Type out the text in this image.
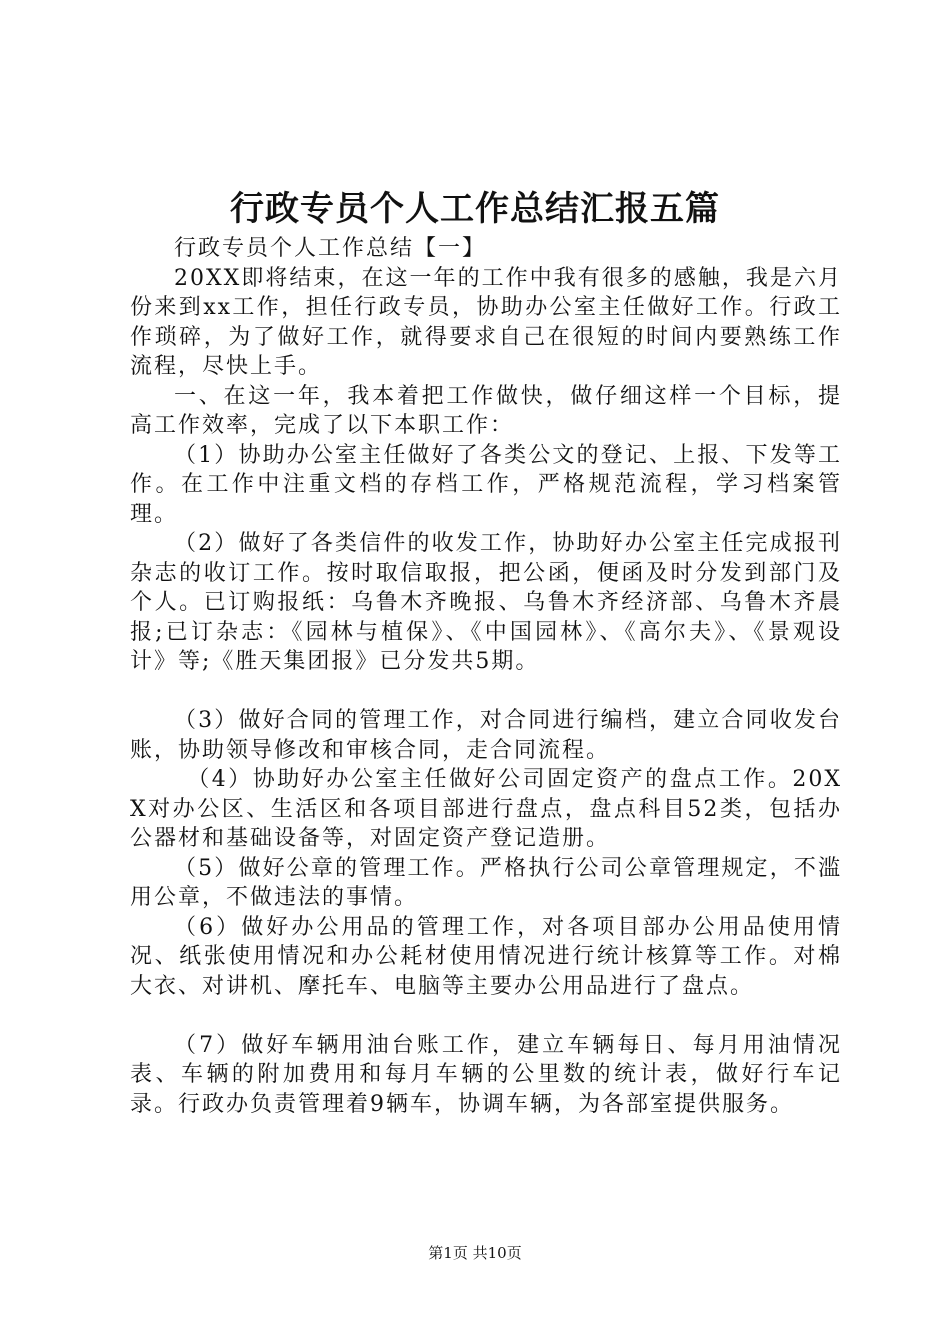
行政专员个人工作总结汇报五篇

行政专员个人工作总结【一】

20XX即将结束，在这一年的工作中我有很多的感触，我是六月份来到xx工作，担任行政专员，协助办公室主任做好工作。行政工作琐碎，为了做好工作，就得要求自己在很短的时间内要熟练工作流程，尽快上手。

一、在这一年，我本着把工作做快，做仔细这样一个目标，提高工作效率，完成了以下本职工作：

（1）协助办公室主任做好了各类公文的登记、上报、下发等工作。在工作中注重文档的存档工作，严格规范流程，学习档案管理。

（2）做好了各类信件的收发工作，协助好办公室主任完成报刊杂志的收订工作。按时取信取报，把公函，便函及时分发到部门及个人。已订购报纸：乌鲁木齐晚报、乌鲁木齐经济部、乌鲁木齐晨报;已订杂志：《园林与植保》、《中国园林》、《高尔夫》、《景观设计》等;《胜天集团报》已分发共5期。

（3）做好合同的管理工作，对合同进行编档，建立合同收发台账，协助领导修改和审核合同，走合同流程。

（4）协助好办公室主任做好公司固定资产的盘点工作。20XX对办公区、生活区和各项目部进行盘点，盘点科目52类，包括办公器材和基础设备等，对固定资产登记造册。

（5）做好公章的管理工作。严格执行公司公章管理规定，不滥用公章，不做违法的事情。

（6）做好办公用品的管理工作，对各项目部办公用品使用情况、纸张使用情况和办公耗材使用情况进行统计核算等工作。对棉大衣、对讲机、摩托车、电脑等主要办公用品进行了盘点。

（7）做好车辆用油台账工作，建立车辆每日、每月用油情况表、车辆的附加费用和每月车辆的公里数的统计表，做好行车记录。行政办负责管理着9辆车，协调车辆，为各部室提供服务。

第1页 共10页
